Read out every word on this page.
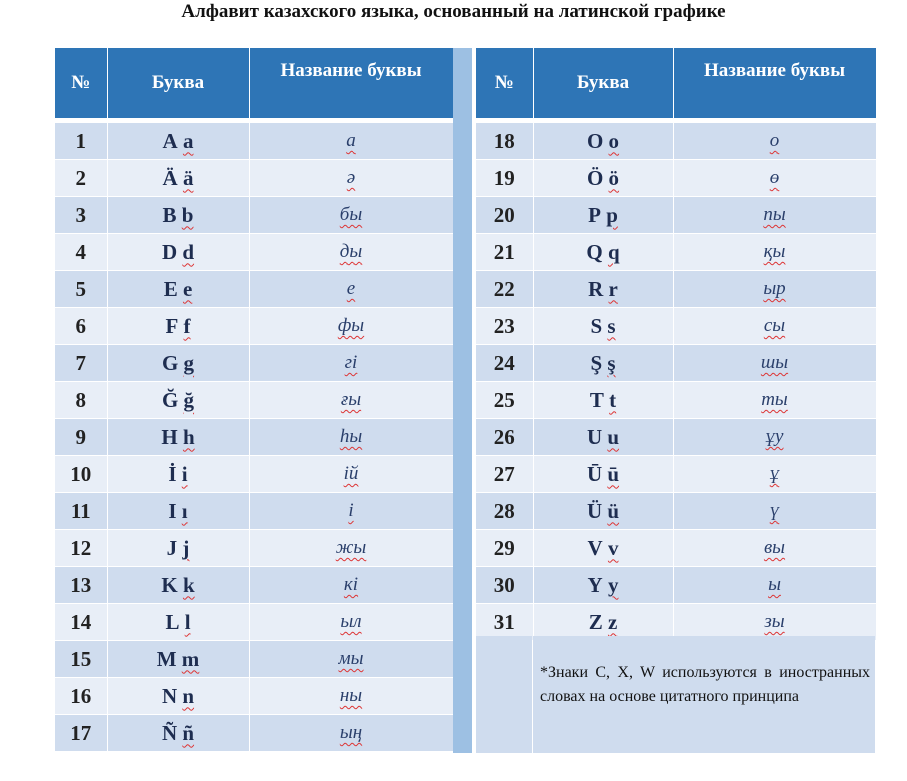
Алфавит казахского языка, основанный на латинской графике
№	Буква	Название буквы

1	A a	а
2	Ä ä	ә
3	B b	бы
4	D d	ды
5	E e	е
6	F f	фы
7	G g	гі
8	Ğ ğ	ғы
9	H h	һы
10	İ i	ій
11	I ı	і
12	J j	жы
13	K k	кі
14	L l	ыл
15	M m	мы
16	N n	ны
17	Ñ ñ	ың
№	Буква	Название буквы

18	O o	о
19	Ö ö	ө
20	P p	пы
21	Q q	қы
22	R r	ыр
23	S s	сы
24	Ş ş	шы
25	T t	ты
26	U u	ұу
27	Ū ū	ұ
28	Ü ü	ү
29	V v	вы
30	Y y	ы
31	Z z	зы
*Знаки C, X, W используются в иностранных словах на основе цитатного принципа
